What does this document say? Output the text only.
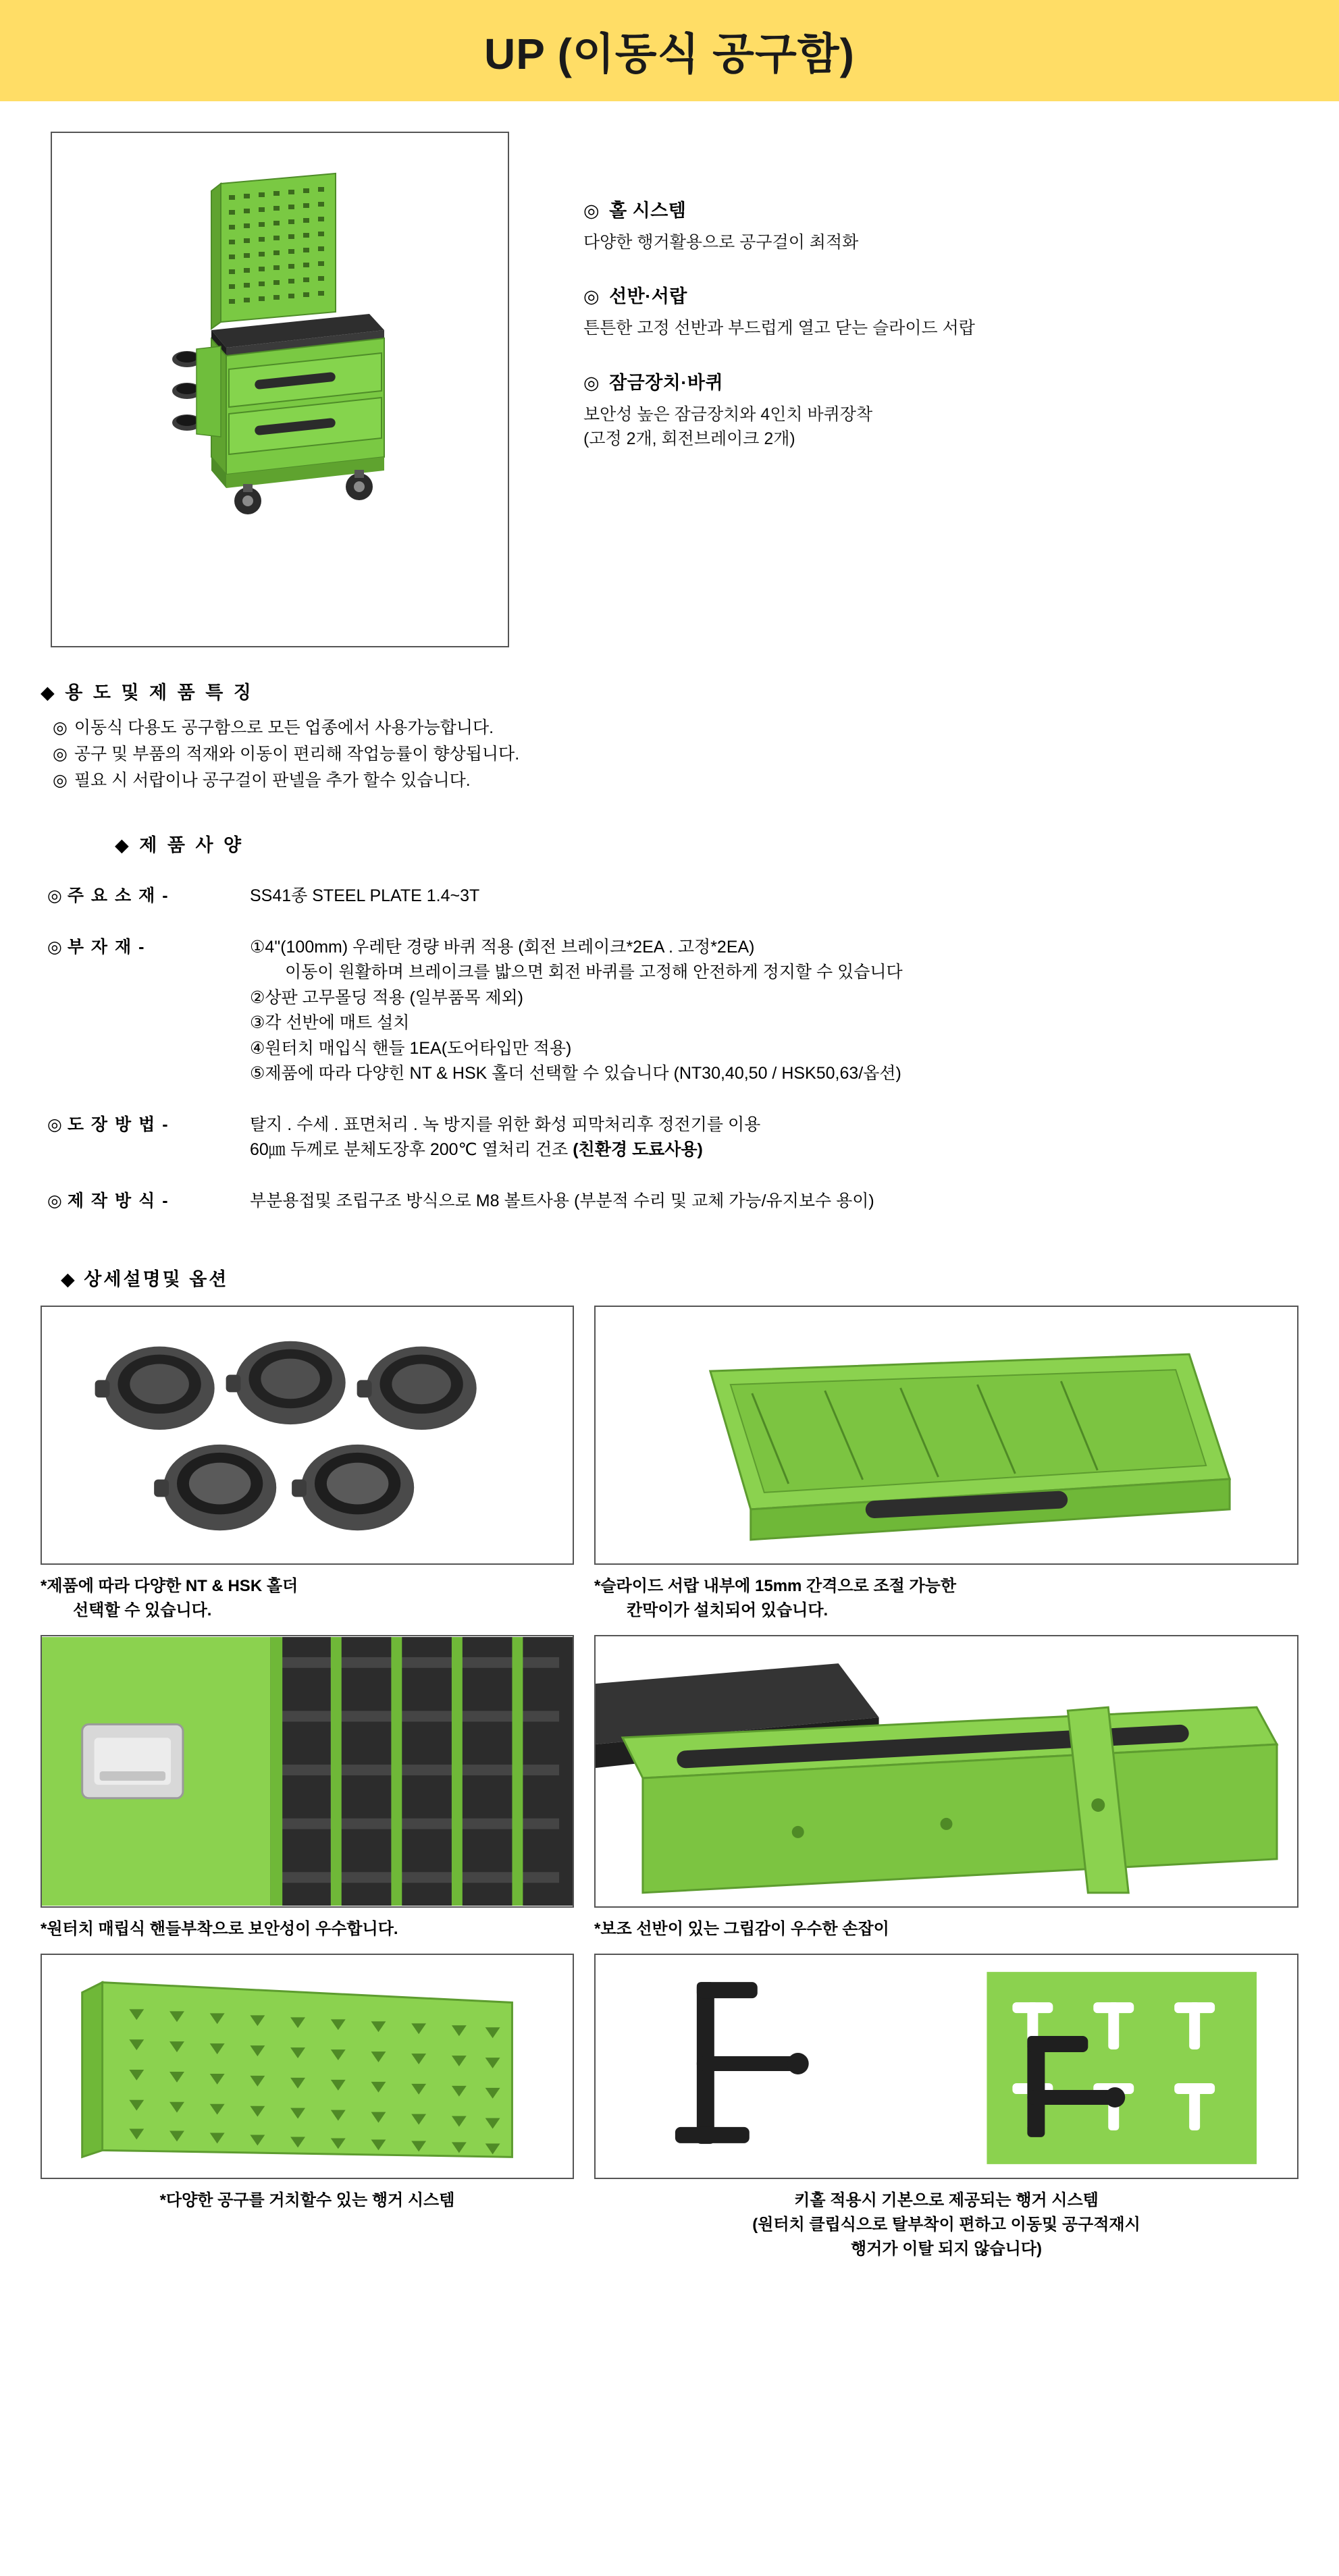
UP (이동식 공구함)
◎ 홀 시스템
다양한 행거활용으로 공구걸이 최적화
◎ 선반·서랍
튼튼한 고정 선반과 부드럽게 열고 닫는 슬라이드 서랍
◎ 잠금장치·바퀴
보안성 높은 잠금장치와 4인치 바퀴장착
(고정 2개, 회전브레이크 2개)
◆ 용 도 및 제 품 특 징
◎ 이동식 다용도 공구함으로 모든 업종에서 사용가능합니다.
◎ 공구 및 부품의 적재와 이동이 편리해 작업능률이 향상됩니다.
◎ 필요 시 서랍이나 공구걸이 판넬을 추가 할수 있습니다.
◆ 제 품 사 양
◎ 주 요 소 재 -	SS41종 STEEL PLATE 1.4~3T
◎ 부 자 재 -	①4"(100mm) 우레탄 경량 바퀴 적용 (회전 브레이크*2EA . 고정*2EA)
이동이 원활하며 브레이크를 밟으면 회전 바퀴를 고정해 안전하게 정지할 수 있습니다
②상판 고무몰딩 적용 (일부품목 제외)
③각 선반에 매트 설치
④원터치 매입식 핸들 1EA(도어타입만 적용)
⑤제품에 따라 다양힌 NT & HSK 홀더 선택할 수 있습니다 (NT30,40,50 / HSK50,63/옵션)
◎ 도 장 방 법 -	탈지 . 수세 . 표면처리 . 녹 방지를 위한 화성 피막처리후 정전기를 이용
60㎛ 두께로 분체도장후 200℃ 열처리 건조 (친환경 도료사용)
◎ 제 작 방 식 -	부분용접및 조립구조 방식으로 M8 볼트사용 (부분적 수리 및 교체 가능/유지보수 용이)
◆ 상세설명및 옵션
*제품에 따라 다양한 NT & HSK 홀더
선택할 수 있습니다.
*슬라이드 서랍 내부에 15mm 간격으로 조절 가능한
칸막이가 설치되어 있습니다.
*원터치 매립식 핸들부착으로 보안성이 우수합니다.	*보조 선반이 있는 그립감이 우수한 손잡이
*다양한 공구를 거치할수 있는 행거 시스템	키홀 적용시 기본으로 제공되는 행거 시스템
(원터치 클립식으로 탈부착이 편하고 이동및 공구적재시
행거가 이탈 되지 않습니다)
